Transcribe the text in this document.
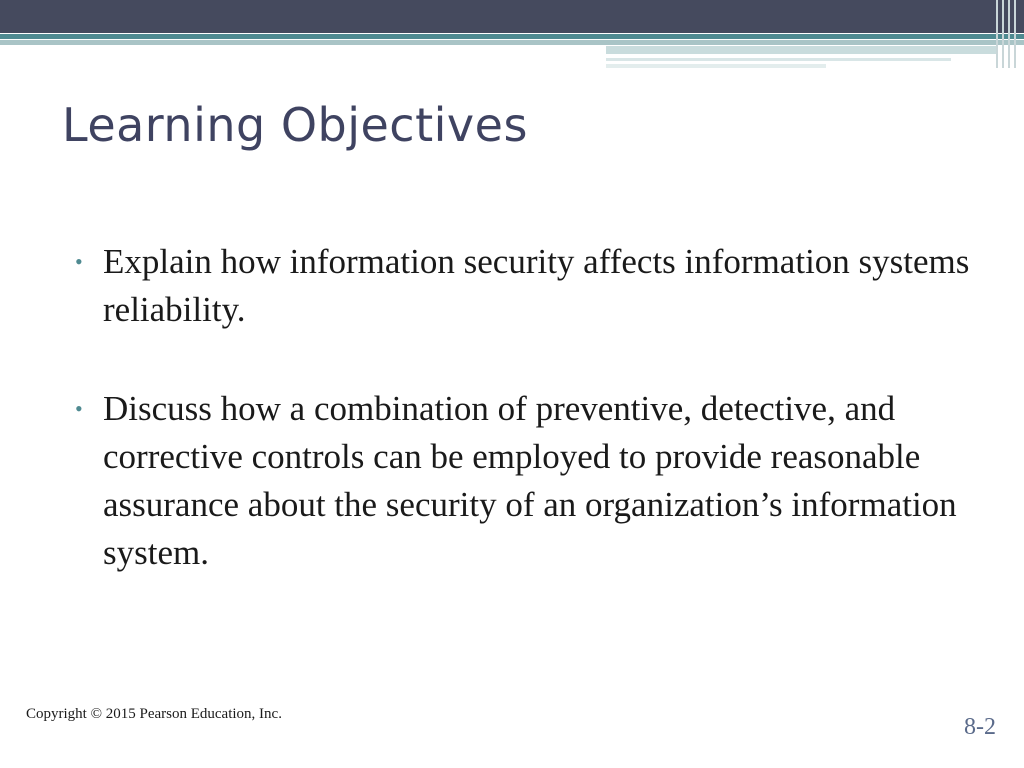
Learning Objectives
• Explain how information security affects information systems reliability.
• Discuss how a combination of preventive, detective, and corrective controls can be employed to provide reasonable assurance about the security of an organization’s information system.
Copyright © 2015 Pearson Education, Inc.	8-2
